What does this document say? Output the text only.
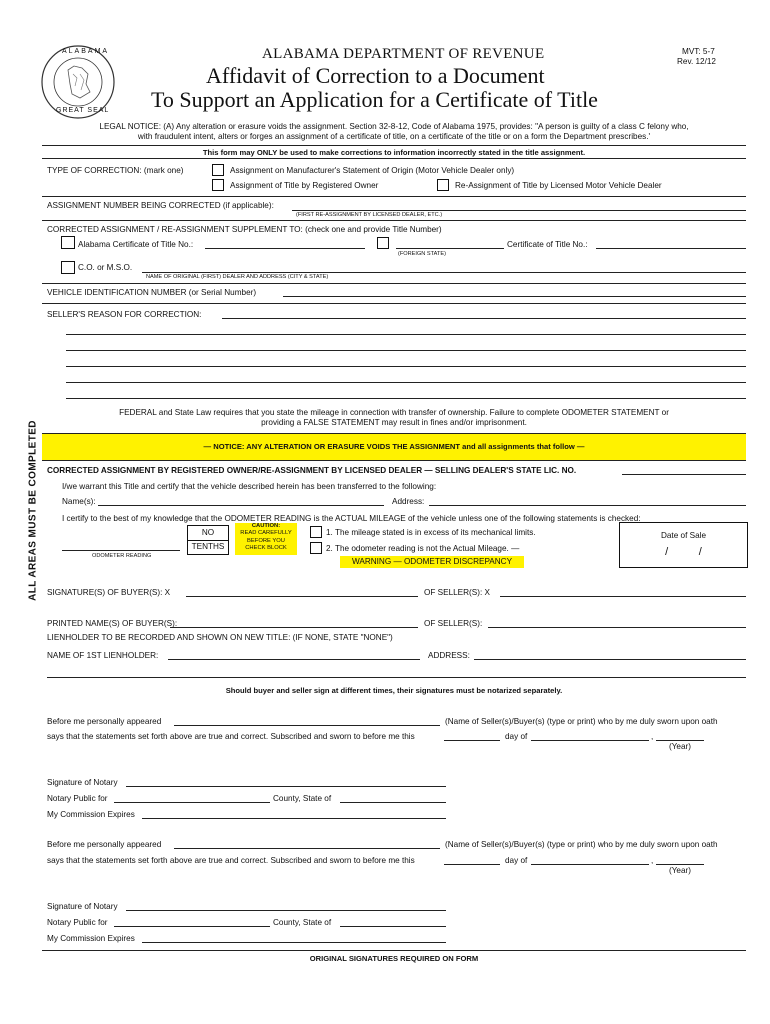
ALABAMA
GREAT SEAL
ALABAMA DEPARTMENT OF REVENUE
Affidavit of Correction to a Document
To Support an Application for a Certificate of Title
MVT: 5-7
Rev. 12/12
LEGAL NOTICE: (A) Any alteration or erasure voids the assignment. Section 32-8-12, Code of Alabama 1975, provides: "A person is guilty of a class C felony who,
with fraudulent intent, alters or forges an assignment of a certificate of title, on a certificate of the title or on a form the Department prescribes.'
This form may ONLY be used to make corrections to information incorrectly stated in the title assignment.
TYPE OF CORRECTION: (mark one)	Assignment on Manufacturer's Statement of Origin (Motor Vehicle Dealer only)
Assignment of Title by Registered Owner	Re-Assignment of Title by Licensed Motor Vehicle Dealer
ASSIGNMENT NUMBER BEING CORRECTED (if applicable):
(FIRST RE-ASSIGNMENT BY LICENSED DEALER, ETC.)
CORRECTED ASSIGNMENT / RE-ASSIGNMENT SUPPLEMENT TO: (check one and provide Title Number)
Alabama Certificate of Title No.:
(FOREIGN STATE)
Certificate of Title No.:
C.O. or M.S.O.
NAME OF ORIGINAL (FIRST) DEALER AND ADDRESS (CITY & STATE)
VEHICLE IDENTIFICATION NUMBER (or Serial Number)
SELLER'S REASON FOR CORRECTION:
ALL AREAS MUST BE COMPLETED
FEDERAL and State Law requires that you state the mileage in connection with transfer of ownership. Failure to complete ODOMETER STATEMENT or
providing a FALSE STATEMENT may result in fines and/or imprisonment.
— NOTICE: ANY ALTERATION OR ERASURE VOIDS THE ASSIGNMENT and all assignments that follow —
CORRECTED ASSIGNMENT BY REGISTERED OWNER/RE-ASSIGNMENT BY LICENSED DEALER — SELLING DEALER'S STATE LIC. NO.
I/we warrant this Title and certify that the vehicle described herein has been transferred to the following:
Name(s):	Address:
I certify to the best of my knowledge that the ODOMETER READING is the ACTUAL MILEAGE of the vehicle unless one of the following statements is checked:
ODOMETER READING
NO
TENTHS
CAUTION:
READ CAREFULLY
BEFORE YOU
CHECK BLOCK
1. The mileage stated is in excess of its mechanical limits.
2. The odometer reading is not the Actual Mileage. —
WARNING — ODOMETER DISCREPANCY
Date of Sale
/          /
SIGNATURE(S) OF BUYER(S): X	OF SELLER(S): X
PRINTED NAME(S) OF BUYER(S):	OF SELLER(S):
LIENHOLDER TO BE RECORDED AND SHOWN ON NEW TITLE: (IF NONE, STATE "NONE")
NAME OF 1ST LIENHOLDER:	ADDRESS:
Should buyer and seller sign at different times, their signatures must be notarized separately.
Before me personally appeared	(Name of Seller(s)/Buyer(s) (type or print) who by me duly sworn upon oath
says that the statements set forth above are true and correct. Subscribed and sworn to before me this	day of	,
(Year)
Signature of Notary
Notary Public for	County, State of
My Commission Expires
Before me personally appeared	(Name of Seller(s)/Buyer(s) (type or print) who by me duly sworn upon oath
says that the statements set forth above are true and correct. Subscribed and sworn to before me this	day of	,
(Year)
Signature of Notary
Notary Public for	County, State of
My Commission Expires
ORIGINAL SIGNATURES REQUIRED ON FORM
